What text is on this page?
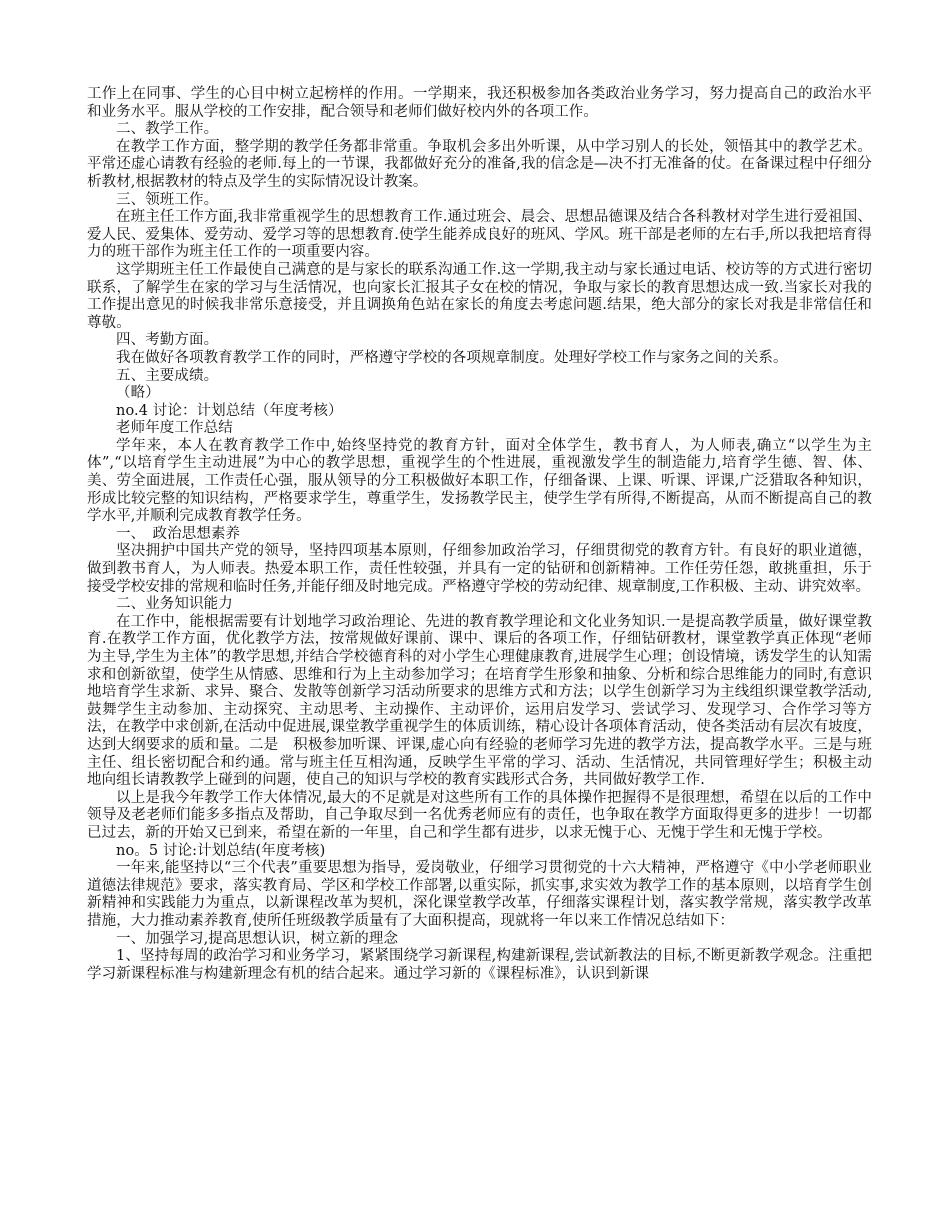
工作上在同事、学生的心目中树立起榜样的作用。一学期来，我还积极参加各类政治业务学习，努力提高自己的政治水平和业务水平。服从学校的工作安排，配合领导和老师们做好校内外的各项工作。

二、教学工作。

在教学工作方面，整学期的教学任务都非常重。争取机会多出外听课，从中学习别人的长处，领悟其中的教学艺术。平常还虚心请教有经验的老师.每上的一节课，我都做好充分的准备,我的信念是—决不打无准备的仗。在备课过程中仔细分析教材,根据教材的特点及学生的实际情况设计教案。

三、领班工作。

在班主任工作方面,我非常重视学生的思想教育工作.通过班会、晨会、思想品德课及结合各科教材对学生进行爱祖国、爱人民、爱集体、爱劳动、爱学习等的思想教育.使学生能养成良好的班风、学风。班干部是老师的左右手,所以我把培育得力的班干部作为班主任工作的一项重要内容。

这学期班主任工作最使自己满意的是与家长的联系沟通工作.这一学期,我主动与家长通过电话、校访等的方式进行密切联系，了解学生在家的学习与生活情况，也向家长汇报其子女在校的情况，争取与家长的教育思想达成一致.当家长对我的工作提出意见的时候我非常乐意接受，并且调换角色站在家长的角度去考虑问题.结果，绝大部分的家长对我是非常信任和尊敬。

四、考勤方面。

我在做好各项教育教学工作的同时，严格遵守学校的各项规章制度。处理好学校工作与家务之间的关系。

五、主要成绩。

（略）

no.4 讨论：计划总结（年度考核）

老师年度工作总结

学年来，本人在教育教学工作中,始终坚持党的教育方针，面对全体学生，教书育人，为人师表,确立“以学生为主体”,“以培育学生主动进展”为中心的教学思想，重视学生的个性进展，重视激发学生的制造能力,培育学生德、智、体、美、劳全面进展，工作责任心强，服从领导的分工积极做好本职工作，仔细备课、上课、听课、评课,广泛猎取各种知识，形成比较完整的知识结构，严格要求学生，尊重学生，发扬教学民主，使学生学有所得,不断提高，从而不断提高自己的教学水平,并顺利完成教育教学任务。

一、　政治思想素养

坚决拥护中国共产党的领导，坚持四项基本原则，仔细参加政治学习，仔细贯彻党的教育方针。有良好的职业道德，做到教书育人，为人师表。热爱本职工作，责任性较强，并具有一定的钻研和创新精神。工作任劳任怨，敢挑重担，乐于接受学校安排的常规和临时任务,并能仔细及时地完成。严格遵守学校的劳动纪律、规章制度,工作积极、主动、讲究效率。

二、业务知识能力

在工作中，能根据需要有计划地学习政治理论、先进的教育教学理论和文化业务知识.一是提高教学质量，做好课堂教育.在教学工作方面，优化教学方法，按常规做好课前、课中、课后的各项工作，仔细钻研教材，课堂教学真正体现“老师为主导,学生为主体”的教学思想,并结合学校德育科的对小学生心理健康教育,进展学生心理；创设情境，诱发学生的认知需求和创新欲望，使学生从情感、思维和行为上主动参加学习；在培育学生形象和抽象、分析和综合思维能力的同时,有意识地培育学生求新、求异、聚合、发散等创新学习活动所要求的思维方式和方法；以学生创新学习为主线组织课堂教学活动,鼓舞学生主动参加、主动探究、主动思考、主动操作、主动评价，运用启发学习、尝试学习、发现学习、合作学习等方法，在教学中求创新,在活动中促进展,课堂教学重视学生的体质训练，精心设计各项体育活动，使各类活动有层次有坡度，达到大纲要求的质和量。二是　积极参加听课、评课,虚心向有经验的老师学习先进的教学方法，提高教学水平。三是与班主任、组长密切配合和约通。常与班主任互相沟通，反映学生平常的学习、活动、生活情况，共同管理好学生；积极主动地向组长请教教学上碰到的问题，使自己的知识与学校的教育实践形式合务，共同做好教学工作.

以上是我今年教学工作大体情况,最大的不足就是对这些所有工作的具体操作把握得不是很理想，希望在以后的工作中领导及老老师们能多多指点及帮助，自己争取尽到一名优秀老师应有的责任，也争取在教学方面取得更多的进步！一切都已过去，新的开始又已到来，希望在新的一年里，自己和学生都有进步，以求无愧于心、无愧于学生和无愧于学校。

no。5 讨论:计划总结(年度考核)

一年来,能坚持以“三个代表”重要思想为指导，爱岗敬业，仔细学习贯彻党的十六大精神，严格遵守《中小学老师职业道德法律规范》要求，落实教育局、学区和学校工作部署,以重实际，抓实事,求实效为教学工作的基本原则，以培育学生创新精神和实践能力为重点，以新课程改革为契机，深化课堂教学改革，仔细落实课程计划，落实教学常规，落实教学改革措施，大力推动素养教育,使所任班级教学质量有了大面积提高，现就将一年以来工作情况总结如下：

一、加强学习,提高思想认识，树立新的理念

1、坚持每周的政治学习和业务学习，紧紧围绕学习新课程,构建新课程,尝试新教法的目标,不断更新教学观念。注重把学习新课程标准与构建新理念有机的结合起来。通过学习新的《课程标准》，认识到新课
